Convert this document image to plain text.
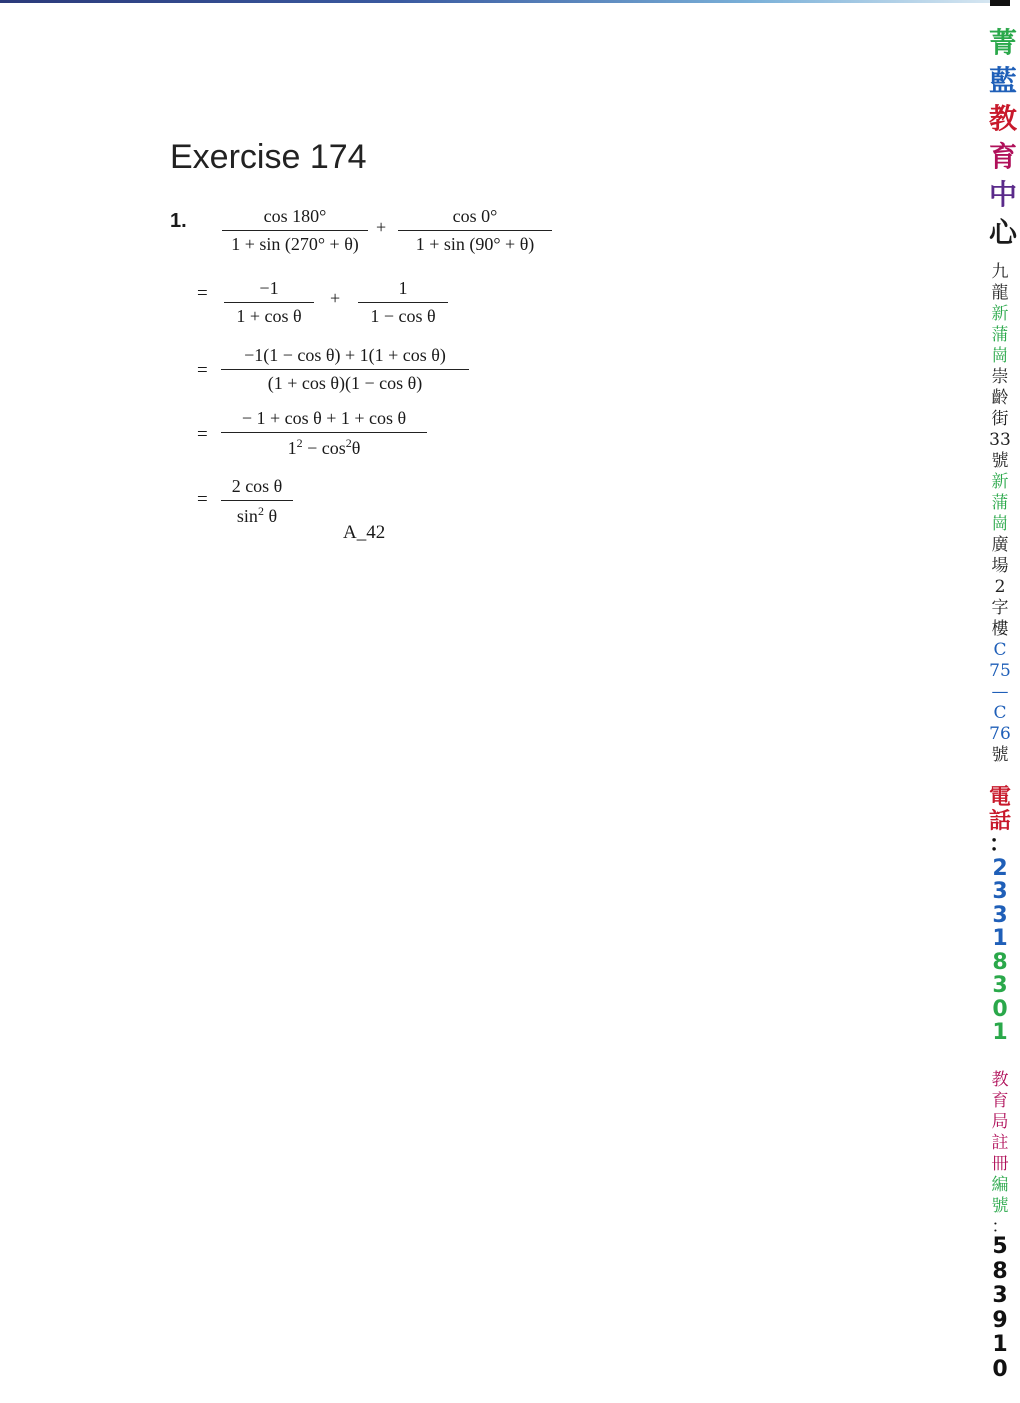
Exercise 174
1.	cos 180°
1 + sin (270° + θ)
+
cos 0°
1 + sin (90° + θ)
=	−1
1 + cos θ
+	1
1 − cos θ
=
−1(1 − cos θ) + 1(1 + cos θ)
(1 + cos θ)(1 − cos θ)
=
− 1 + cos θ + 1 + cos θ
$1^2 - \cos^2\theta$
=
2 cos θ
$\sin^2 \theta$
A_42
菁
藍
教
育
中
心
九
龍
新
蒲
崗
崇
齡
街
33
號
新
蒲
崗
廣
場
2
字
樓
C
75
—
C
76
號
電
話
：
2
3
3
1
8
3
0
1
教
育
局
註
冊
編
號
：
5
8
3
9
1
0
